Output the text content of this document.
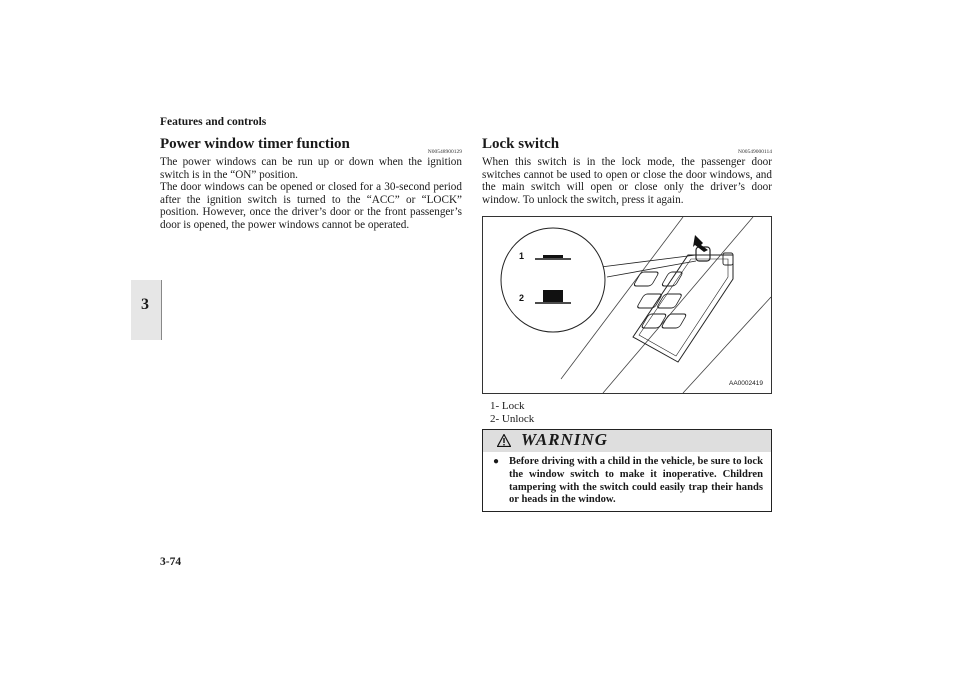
Features and controls
3
Power window timer function	N00548900129

The power windows can be run up or down when the ignition switch is in the “ON” position.

The door windows can be opened or closed for a 30-second period after the ignition switch is turned to the “ACC” or “LOCK” position. However, once the driver’s door or the front passenger’s door is opened, the power windows cannot be operated.

Lock switch	N00549000114

When this switch is in the lock mode, the passenger door switches cannot be used to open or close the door windows, and the main switch will open or close only the driver’s door window. To unlock the switch, press it again.

1
2
AA0002419
1- Lock
2- Unlock
WARNING
● Before driving with a child in the vehicle, be sure to lock the window switch to make it inoperative. Children tampering with the switch could easily trap their hands or heads in the window.
3-74
